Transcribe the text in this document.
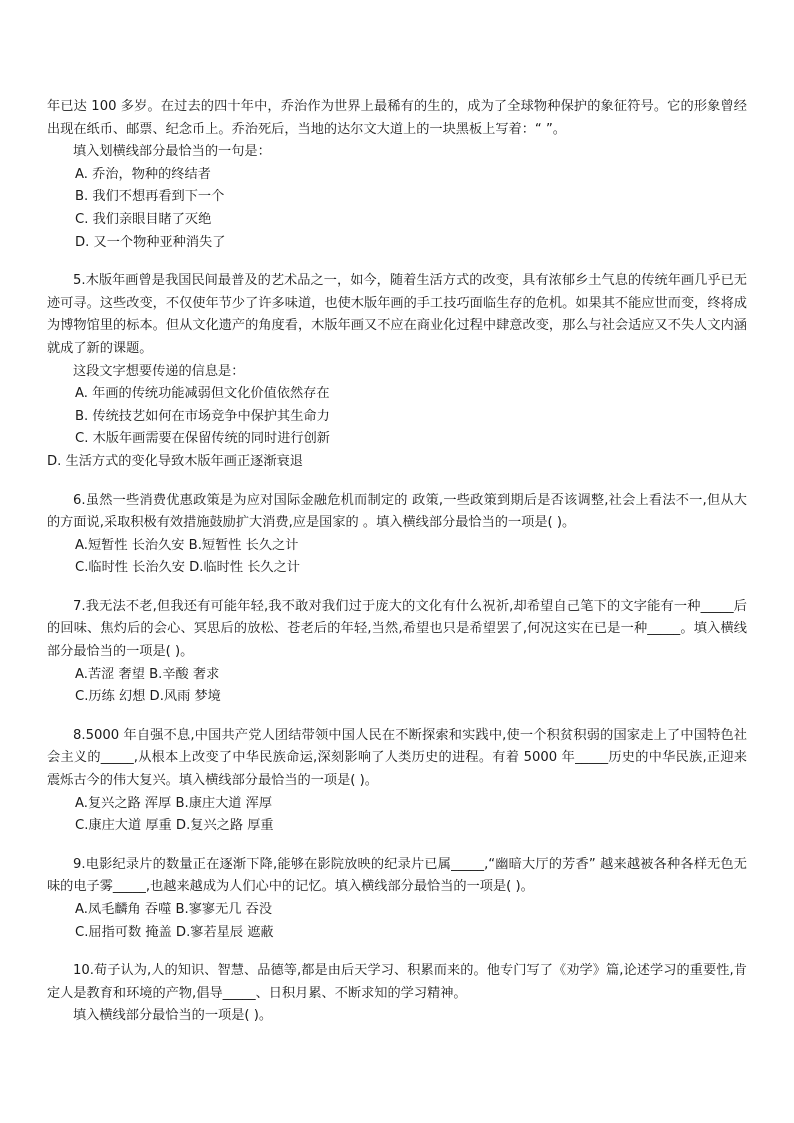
年已达 100 多岁。在过去的四十年中，乔治作为世界上最稀有的生的，成为了全球物种保护的象征符号。它的形象曾经出现在纸币、邮票、纪念币上。乔治死后，当地的达尔文大道上的一块黑板上写着：“ ”。

填入划横线部分最恰当的一句是：
A. 乔治，物种的终结者
B. 我们不想再看到下一个
C. 我们亲眼目睹了灭绝
D. 又一个物种亚种消失了

5.木版年画曾是我国民间最普及的艺术品之一，如今，随着生活方式的改变，具有浓郁乡土气息的传统年画几乎已无迹可寻。这些改变，不仅使年节少了许多味道，也使木版年画的手工技巧面临生存的危机。如果其不能应世而变，终将成为博物馆里的标本。但从文化遗产的角度看，木版年画又不应在商业化过程中肆意改变，那么与社会适应又不失人文内涵就成了新的课题。

这段文字想要传递的信息是：
A. 年画的传统功能减弱但文化价值依然存在
B. 传统技艺如何在市场竞争中保护其生命力
C. 木版年画需要在保留传统的同时进行创新
D. 生活方式的变化导致木版年画正逐渐衰退

6.虽然一些消费优惠政策是为应对国际金融危机而制定的 政策,一些政策到期后是否该调整,社会上看法不一,但从大的方面说,采取积极有效措施鼓励扩大消费,应是国家的 。填入横线部分最恰当的一项是( )。

A.短暂性 长治久安 B.短暂性 长久之计
C.临时性 长治久安 D.临时性 长久之计

7.我无法不老,但我还有可能年轻,我不敢对我们过于庞大的文化有什么祝祈,却希望自己笔下的文字能有一种_____后的回味、焦灼后的会心、冥思后的放松、苍老后的年轻,当然,希望也只是希望罢了,何况这实在已是一种_____。填入横线部分最恰当的一项是( )。

A.苦涩 奢望 B.辛酸 奢求
C.历练 幻想 D.风雨 梦境

8.5000 年自强不息,中国共产党人团结带领中国人民在不断探索和实践中,使一个积贫积弱的国家走上了中国特色社会主义的_____,从根本上改变了中华民族命运,深刻影响了人类历史的进程。有着 5000 年_____历史的中华民族,正迎来震烁古今的伟大复兴。填入横线部分最恰当的一项是( )。

A.复兴之路 浑厚 B.康庄大道 浑厚
C.康庄大道 厚重 D.复兴之路 厚重

9.电影纪录片的数量正在逐渐下降,能够在影院放映的纪录片已属_____,“幽暗大厅的芳香” 越来越被各种各样无色无味的电子雾_____,也越来越成为人们心中的记忆。填入横线部分最恰当的一项是( )。

A.凤毛麟角 吞噬 B.寥寥无几 吞没
C.屈指可数 掩盖 D.寥若星辰 遮蔽

10.荀子认为,人的知识、智慧、品德等,都是由后天学习、积累而来的。他专门写了《劝学》篇,论述学习的重要性,肯定人是教育和环境的产物,倡导_____、日积月累、不断求知的学习精神。

填入横线部分最恰当的一项是( )。
